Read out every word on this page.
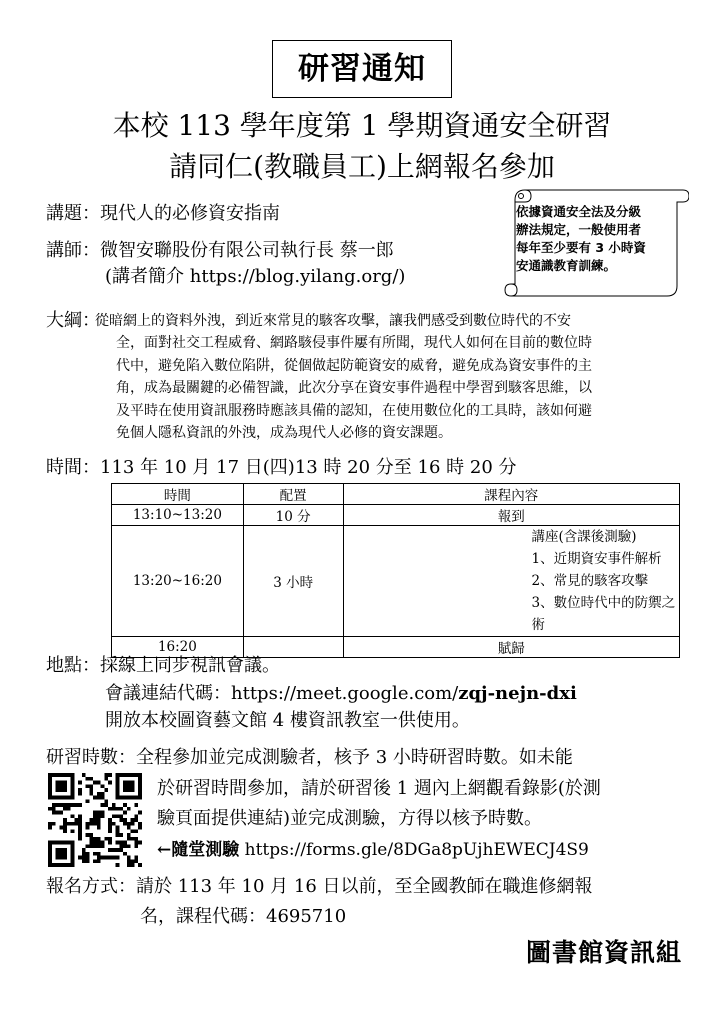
研習通知
本校 113 學年度第 1 學期資通安全研習
請同仁(教職員工)上網報名參加
講題：現代人的必修資安指南
講師：微智安聯股份有限公司執行長 蔡一郎
(講者簡介 https://blog.yilang.org/)
依據資通安全法及分級
辦法規定，一般使用者
每年至少要有 3 小時資
安通識教育訓練。
大綱：
從暗網上的資料外洩，到近來常見的駭客攻擊，讓我們感受到數位時代的不安
全，面對社交工程威脅、網路駭侵事件屢有所聞，現代人如何在目前的數位時
代中，避免陷入數位陷阱，從個做起防範資安的威脅，避免成為資安事件的主
角，成為最關鍵的必備智識，此次分享在資安事件過程中學習到駭客思維，以
及平時在使用資訊服務時應該具備的認知，在使用數位化的工具時，該如何避
免個人隱私資訊的外洩，成為現代人必修的資安課題。
時間：113 年 10 月 17 日(四)13 時 20 分至 16 時 20 分
時間	配置	課程內容
13:10~13:20	10 分	報到
13:20~16:20	3 小時	講座(含課後測驗)
1、近期資安事件解析
2、常見的駭客攻擊
3、數位時代中的防禦之術

16:20		賦歸
地點：採線上同步視訊會議。
會議連結代碼：https://meet.google.com/zqj-nejn-dxi
開放本校圖資藝文館 4 樓資訊教室一供使用。
研習時數：全程參加並完成測驗者，核予 3 小時研習時數。如未能
於研習時間參加，請於研習後 1 週內上網觀看錄影(於測
驗頁面提供連結)並完成測驗，方得以核予時數。
←隨堂測驗 https://forms.gle/8DGa8pUjhEWECJ4S9
報名方式：請於 113 年 10 月 16 日以前，至全國教師在職進修網報
名，課程代碼：4695710
圖書館資訊組
